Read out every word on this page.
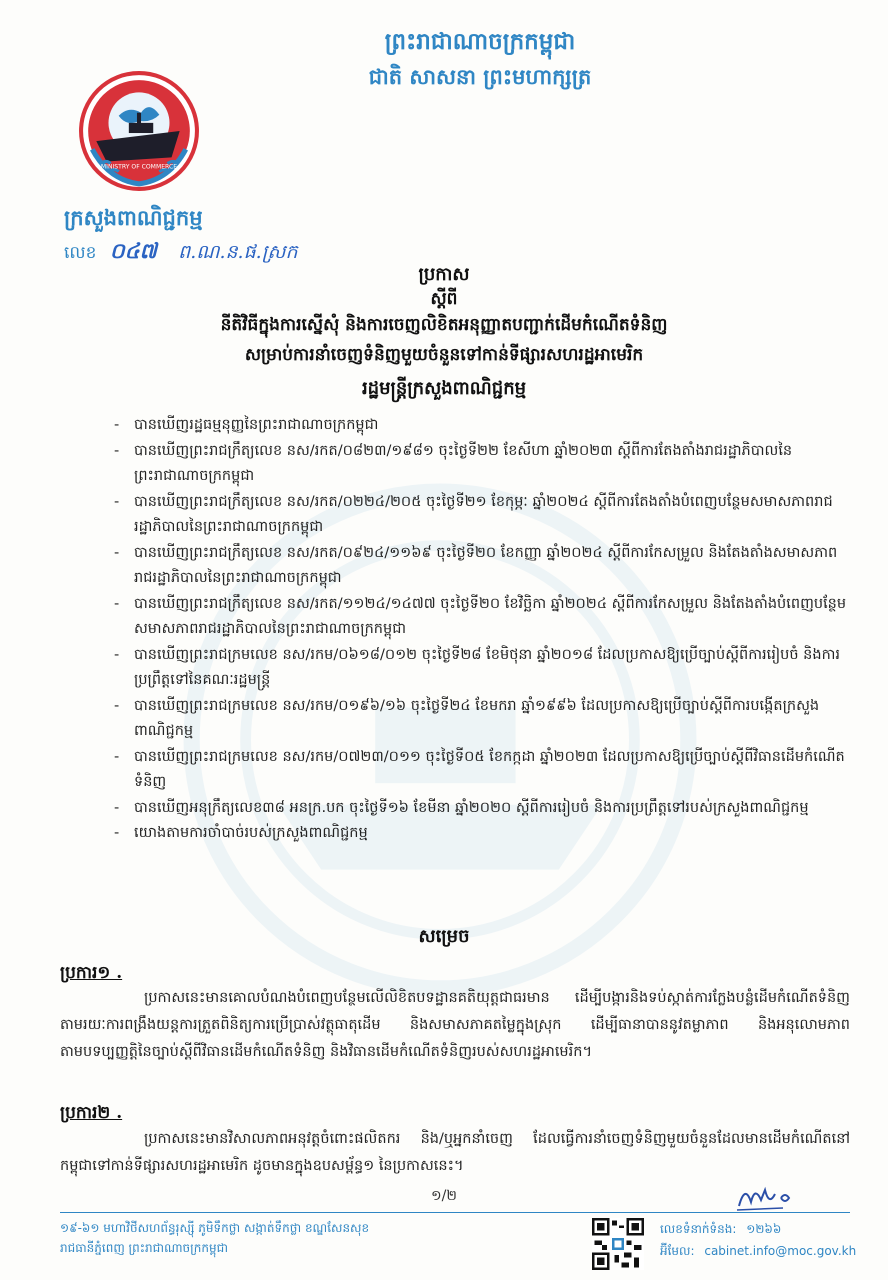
ព្រះរាជាណាចក្រកម្ពុជា
ជាតិ សាសនា ព្រះមហាក្សត្រ
MINISTRY OF COMMERCE
ក្រសួងពាណិជ្ជកម្ម
លេខ ០៤៧ ព.ណ.ន.ផ.ស្រក
ប្រកាស
ស្តីពី
នីតិវិធីក្នុងការស្នើសុំ និងការចេញលិខិតអនុញ្ញាតបញ្ជាក់ដើមកំណើតទំនិញ
សម្រាប់ការនាំចេញទំនិញមួយចំនួនទៅកាន់ទីផ្សារសហរដ្ឋអាមេរិក
រដ្ឋមន្ត្រីក្រសួងពាណិជ្ជកម្ម
- បានឃើញរដ្ឋធម្មនុញ្ញនៃព្រះរាជាណាចក្រកម្ពុជា
- បានឃើញព្រះរាជក្រឹត្យលេខ នស/រកត/០៨២៣/១៩៨១ ចុះថ្ងៃទី២២ ខែសីហា ឆ្នាំ២០២៣ ស្តីពីការតែងតាំងរាជរដ្ឋាភិបាលនៃព្រះរាជាណាចក្រកម្ពុជា
- បានឃើញព្រះរាជក្រឹត្យលេខ នស/រកត/០២២៤/២០៥ ចុះថ្ងៃទី២១ ខែកុម្ភៈ ឆ្នាំ២០២៤ ស្តីពីការតែងតាំងបំពេញបន្ថែមសមាសភាពរាជរដ្ឋាភិបាលនៃព្រះរាជាណាចក្រកម្ពុជា
- បានឃើញព្រះរាជក្រឹត្យលេខ នស/រកត/០៩២៤/១១៦៩ ចុះថ្ងៃទី២០ ខែកញ្ញា ឆ្នាំ២០២៤ ស្តីពីការកែសម្រួល និងតែងតាំងសមាសភាពរាជរដ្ឋាភិបាលនៃព្រះរាជាណាចក្រកម្ពុជា
- បានឃើញព្រះរាជក្រឹត្យលេខ នស/រកត/១១២៤/១៤៧៧ ចុះថ្ងៃទី២០ ខែវិច្ឆិកា ឆ្នាំ២០២៤ ស្តីពីការកែសម្រួល និងតែងតាំងបំពេញបន្ថែមសមាសភាពរាជរដ្ឋាភិបាលនៃព្រះរាជាណាចក្រកម្ពុជា
- បានឃើញព្រះរាជក្រមលេខ នស/រកម/០៦១៨/០១២ ចុះថ្ងៃទី២៨ ខែមិថុនា ឆ្នាំ២០១៨ ដែលប្រកាសឱ្យប្រើច្បាប់ស្តីពីការរៀបចំ និងការប្រព្រឹត្តទៅនៃគណៈរដ្ឋមន្ត្រី
- បានឃើញព្រះរាជក្រមលេខ នស/រកម/០១៩៦/១៦ ចុះថ្ងៃទី២៤ ខែមករា ឆ្នាំ១៩៩៦ ដែលប្រកាសឱ្យប្រើច្បាប់ស្តីពីការបង្កើតក្រសួងពាណិជ្ជកម្ម
- បានឃើញព្រះរាជក្រមលេខ នស/រកម/០៧២៣/០១១ ចុះថ្ងៃទី០៥ ខែកក្កដា ឆ្នាំ២០២៣ ដែលប្រកាសឱ្យប្រើច្បាប់ស្តីពីវិធានដើមកំណើតទំនិញ
- បានឃើញអនុក្រឹត្យលេខ៣៨ អនក្រ.បក ចុះថ្ងៃទី១៦ ខែមីនា ឆ្នាំ២០២០ ស្តីពីការរៀបចំ និងការប្រព្រឹត្តទៅរបស់ក្រសួងពាណិជ្ជកម្ម
- យោងតាមការចាំបាច់របស់ក្រសួងពាណិជ្ជកម្ម
សម្រេច
ប្រការ១ .

ប្រកាសនេះមានគោលបំណងបំពេញបន្ថែមលើលិខិតបទដ្ឋានគតិយុត្តជាធរមាន ដើម្បីបង្ការនិងទប់ស្កាត់ការក្លែងបន្លំដើមកំណើតទំនិញ តាមរយៈការពង្រឹងយន្តការត្រួតពិនិត្យការប្រើប្រាស់វត្ថុធាតុដើម និងសមាសភាគតម្លៃក្នុងស្រុក ដើម្បីធានាបាននូវតម្លាភាព និងអនុលោមភាពតាមបទប្បញ្ញត្តិនៃច្បាប់ស្តីពីវិធានដើមកំណើតទំនិញ និងវិធានដើមកំណើតទំនិញរបស់សហរដ្ឋអាមេរិក។

ប្រការ២ .

ប្រកាសនេះមានវិសាលភាពអនុវត្តចំពោះផលិតករ និង/ឬអ្នកនាំចេញ ដែលធ្វើការនាំចេញទំនិញមួយចំនួនដែលមានដើមកំណើតនៅកម្ពុជាទៅកាន់ទីផ្សារសហរដ្ឋអាមេរិក ដូចមានក្នុងឧបសម្ព័ន្ធ១ នៃប្រកាសនេះ។

១/២
១៩-៦១ មហាវិថីសហព័ន្ធរុស្ស៊ី ភូមិទឹកថ្លា សង្កាត់ទឹកថ្លា ខណ្ឌសែនសុខ
រាជធានីភ្នំពេញ ព្រះរាជាណាចក្រកម្ពុជា
លេខទំនាក់ទំនង: ១២៦៦
អ៊ីមែល: cabinet.info@moc.gov.kh
